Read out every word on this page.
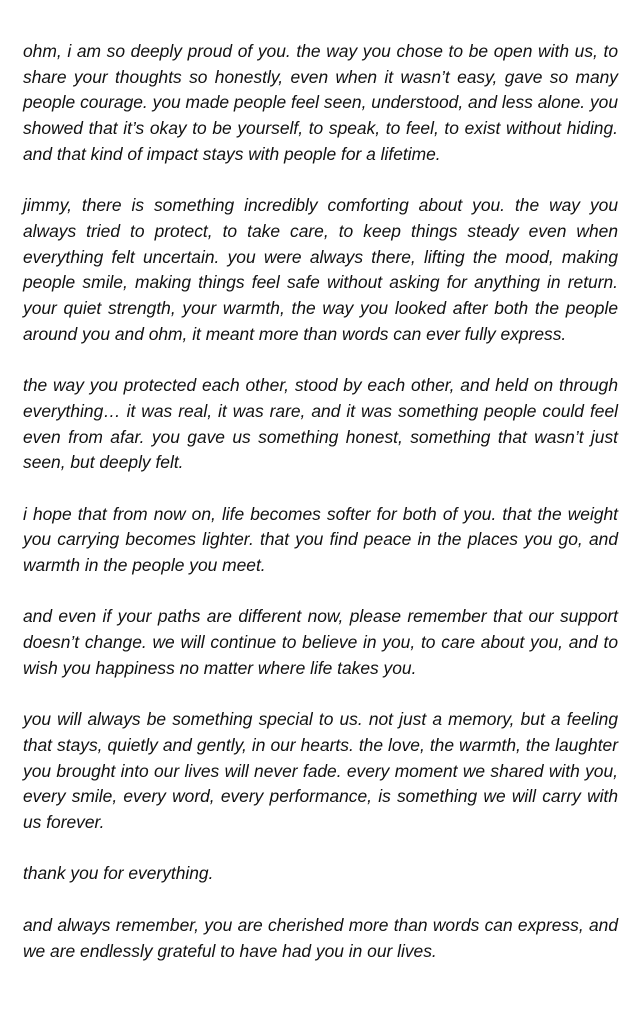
ohm, i am so deeply proud of you. the way you chose to be open with us, to share your thoughts so honestly, even when it wasn’t easy, gave so many people courage. you made people feel seen, understood, and less alone. you showed that it’s okay to be yourself, to speak, to feel, to exist without hiding. and that kind of impact stays with people for a lifetime.

jimmy, there is something incredibly comforting about you. the way you always tried to protect, to take care, to keep things steady even when everything felt uncertain. you were always there, lifting the mood, making people smile, making things feel safe without asking for anything in return. your quiet strength, your warmth, the way you looked after both the people around you and ohm, it meant more than words can ever fully express.

the way you protected each other, stood by each other, and held on through everything… it was real, it was rare, and it was something people could feel even from afar. you gave us something honest, something that wasn’t just seen, but deeply felt.

i hope that from now on, life becomes softer for both of you. that the weight you carrying becomes lighter. that you find peace in the places you go, and warmth in the people you meet.

and even if your paths are different now, please remember that our support doesn’t change. we will continue to believe in you, to care about you, and to wish you happiness no matter where life takes you.

you will always be something special to us. not just a memory, but a feeling that stays, quietly and gently, in our hearts. the love, the warmth, the laughter you brought into our lives will never fade. every moment we shared with you, every smile, every word, every performance, is something we will carry with us forever.

thank you for everything.

and always remember, you are cherished more than words can express, and we are endlessly grateful to have had you in our lives.
